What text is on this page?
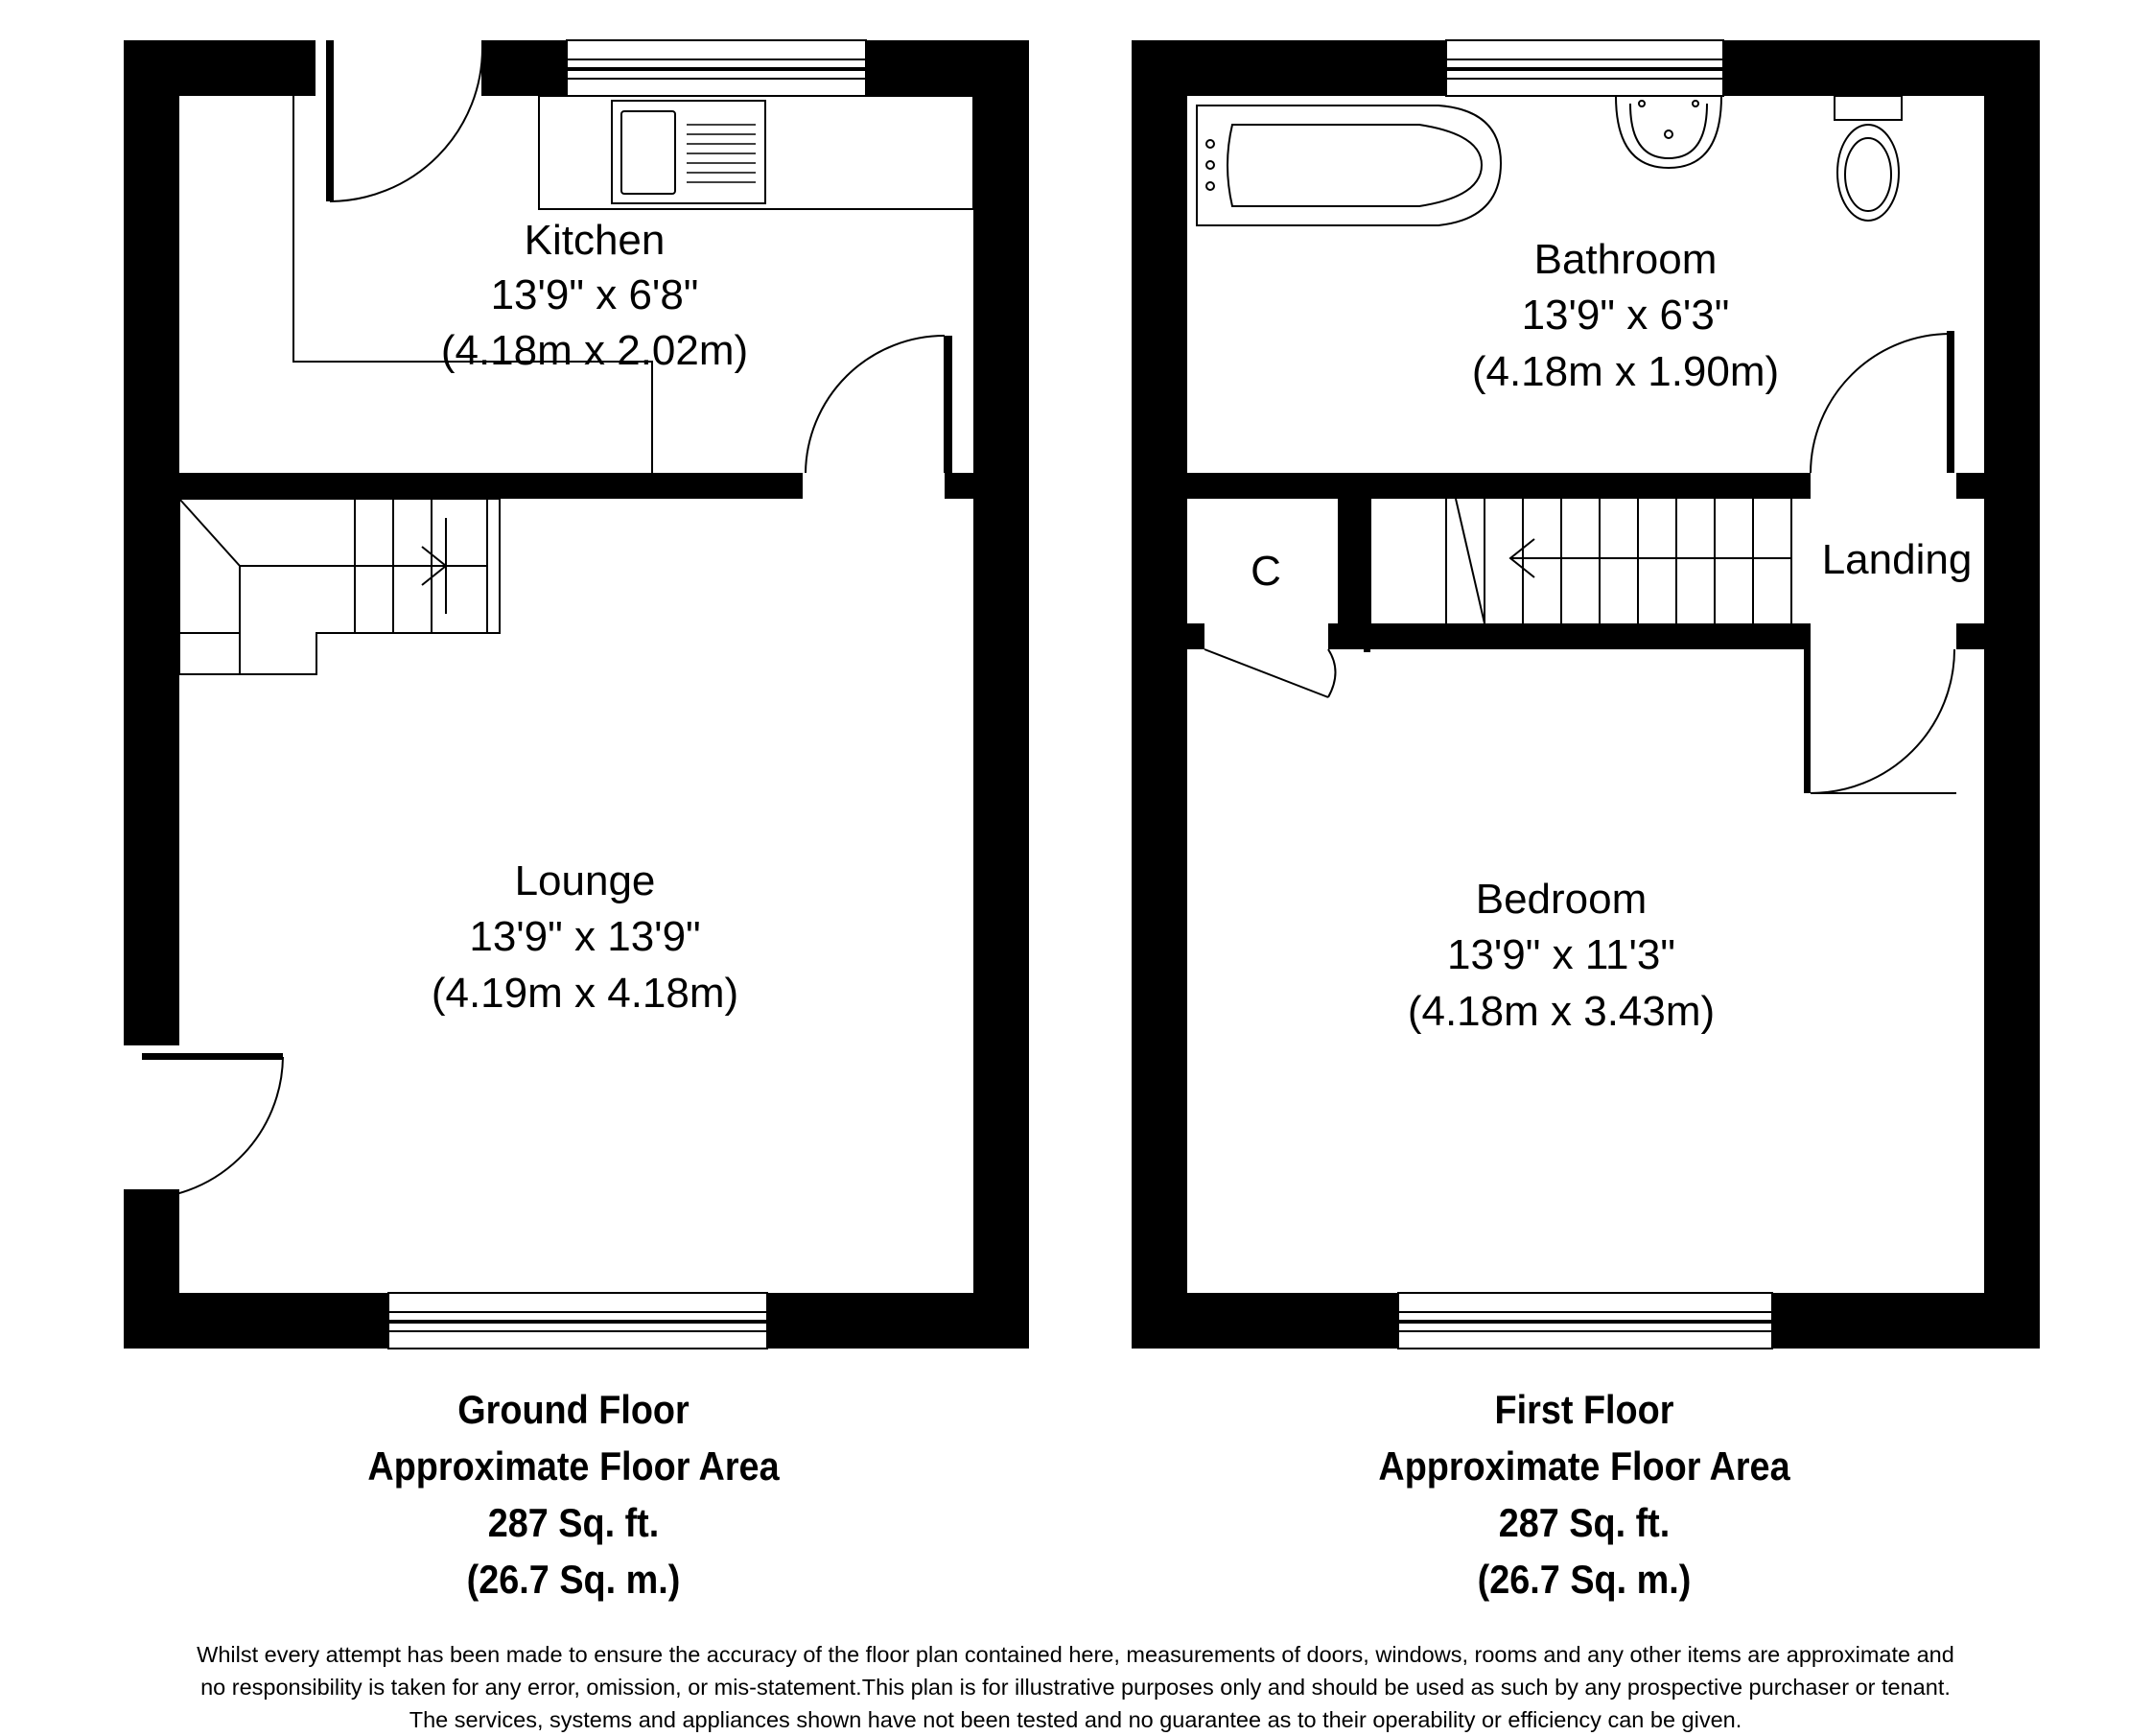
Kitchen
13'9" x 6'8"
(4.18m x 2.02m)
Lounge
13'9" x 13'9"
(4.19m x 4.18m)
Bathroom
13'9" x 6'3"
(4.18m x 1.90m)
C	Landing
Bedroom
13'9" x 11'3"
(4.18m x 3.43m)
Ground Floor
Approximate Floor Area
287 Sq. ft.
(26.7 Sq. m.)
First Floor
Approximate Floor Area
287 Sq. ft.
(26.7 Sq. m.)
Whilst every attempt has been made to ensure the accuracy of the floor plan contained here, measurements of doors, windows, rooms and any other items are approximate and
no responsibility is taken for any error, omission, or mis-statement.This plan is for illustrative purposes only and should be used as such by any prospective purchaser or tenant.
The services, systems and appliances shown have not been tested and no guarantee as to their operability or efficiency can be given.
